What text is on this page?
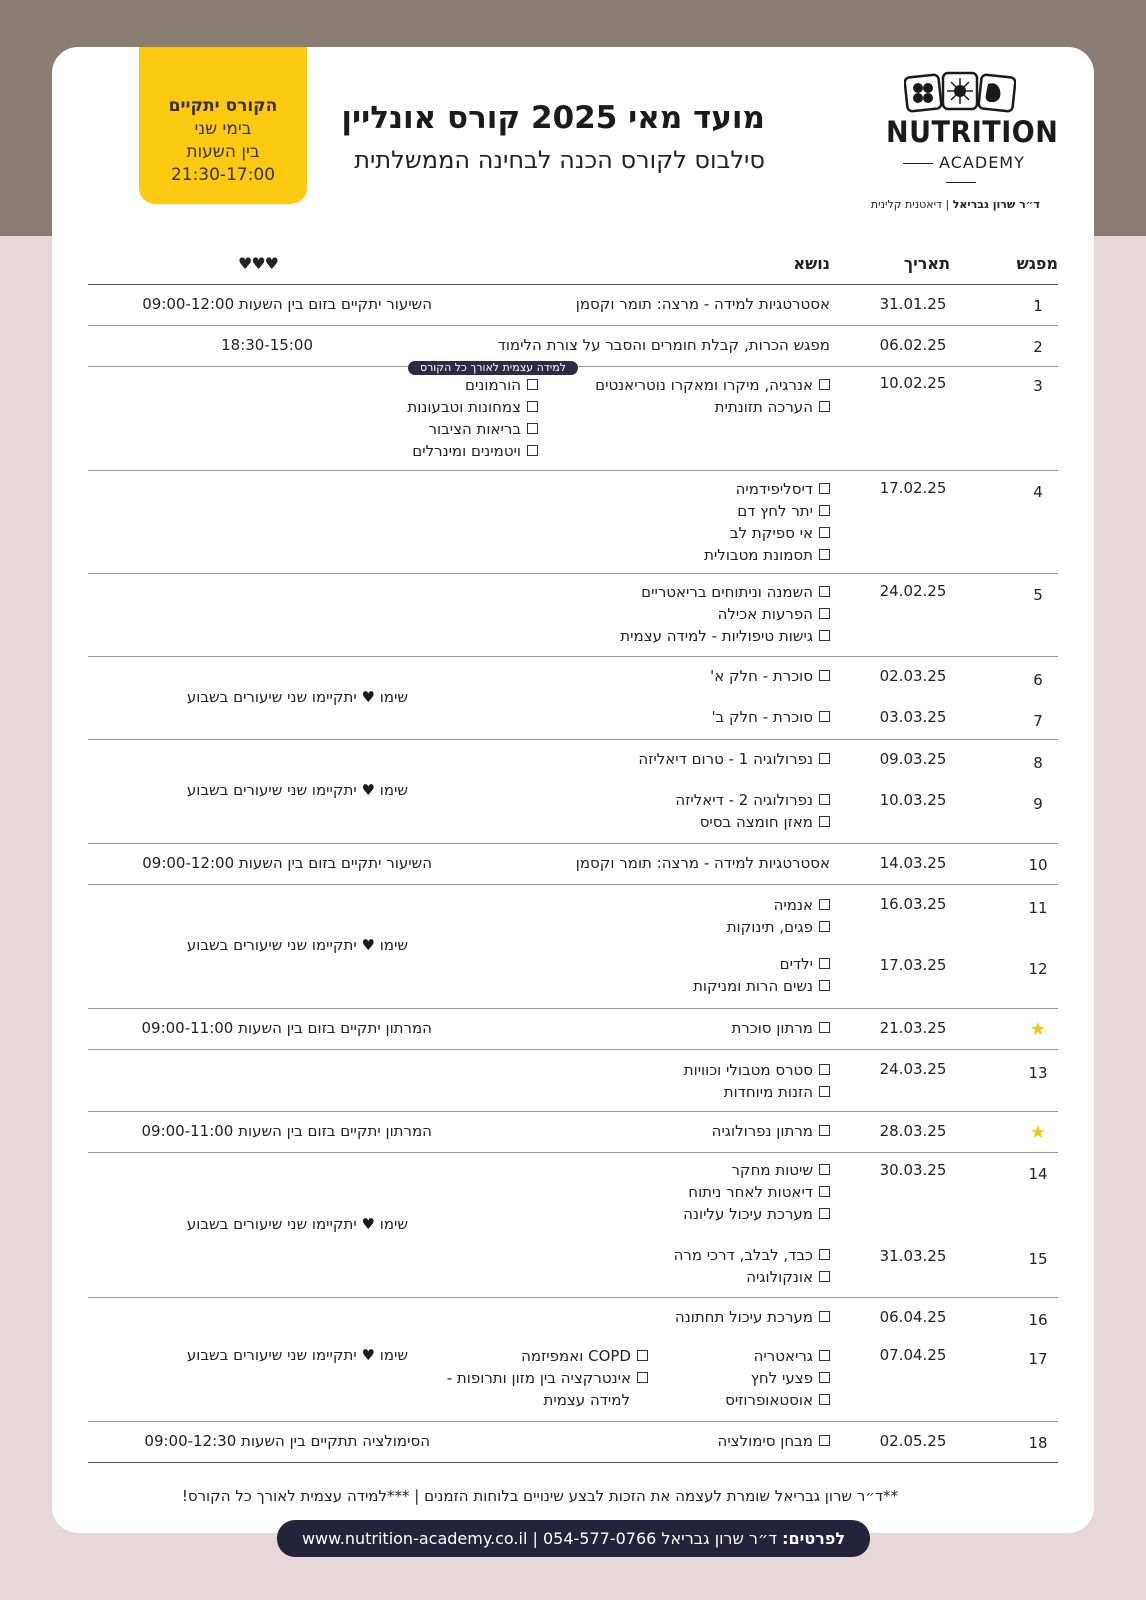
NUTRITION
ACADEMY
ד״ר שרון גבריאל | דיאטנית קלינית
מועד מאי 2025 קורס אונליין
סילבוס לקורס הכנה לבחינה הממשלתית
הקורס יתקיים
בימי שני
בין השעות
21:30-17:00
מפגש
תאריך
נושא
♥♥♥
1
31.01.25
אסטרטגיות למידה - מרצה: תומר וקסמן
השיעור יתקיים בזום בין השעות 09:00-12:00
2
06.02.25
מפגש הכרות, קבלת חומרים והסבר על צורת הלימוד
18:30-15:00
למידה עצמית לאורך כל הקורס
3
10.02.25
אנרגיה, מיקרו ומאקרו נוטריאנטים
הערכה תזונתית
הורמונים
צמחונות וטבעונות
בריאות הציבור
ויטמינים ומינרלים
4
17.02.25
דיסליפידמיה
יתר לחץ דם
אי ספיקת לב
תסמונת מטבולית
5
24.02.25
השמנה וניתוחים בריאטריים
הפרעות אכילה
גישות טיפוליות - למידה עצמית
6
02.03.25
סוכרת - חלק א'
7
03.03.25
סוכרת - חלק ב'
שימו ♥ יתקיימו שני שיעורים בשבוע
8
09.03.25
נפרולוגיה 1 - טרום דיאליזה
9
10.03.25
נפרולוגיה 2 - דיאליזה
מאזן חומצה בסיס
שימו ♥ יתקיימו שני שיעורים בשבוע
10
14.03.25
אסטרטגיות למידה - מרצה: תומר וקסמן
השיעור יתקיים בזום בין השעות 09:00-12:00
11
16.03.25
אנמיה
פגים, תינוקות
12
17.03.25
ילדים
נשים הרות ומניקות
שימו ♥ יתקיימו שני שיעורים בשבוע
★
21.03.25
מרתון סוכרת
המרתון יתקיים בזום בין השעות 09:00-11:00
13
24.03.25
סטרס מטבולי וכוויות
הזנות מיוחדות
★
28.03.25
מרתון נפרולוגיה
המרתון יתקיים בזום בין השעות 09:00-11:00
14
30.03.25
שיטות מחקר
דיאטות לאחר ניתוח
מערכת עיכול עליונה
15
31.03.25
כבד, לבלב, דרכי מרה
אונקולוגיה
שימו ♥ יתקיימו שני שיעורים בשבוע
16
06.04.25
מערכת עיכול תחתונה
17
07.04.25
גריאטריה
פצעי לחץ
אוסטאופרוזיס
COPD ואמפיזמה
אינטרקציה בין מזון ותרופות -
למידה עצמית
שימו ♥ יתקיימו שני שיעורים בשבוע
18
02.05.25
מבחן סימולציה
הסימולציה תתקיים בין השעות 09:00-12:30
**ד״ר שרון גבריאל שומרת לעצמה את הזכות לבצע שינויים בלוחות הזמנים | ***למידה עצמית לאורך כל הקורס!
לפרטים: ד״ר שרון גבריאל 054-577-0766 | www.nutrition-academy.co.il
